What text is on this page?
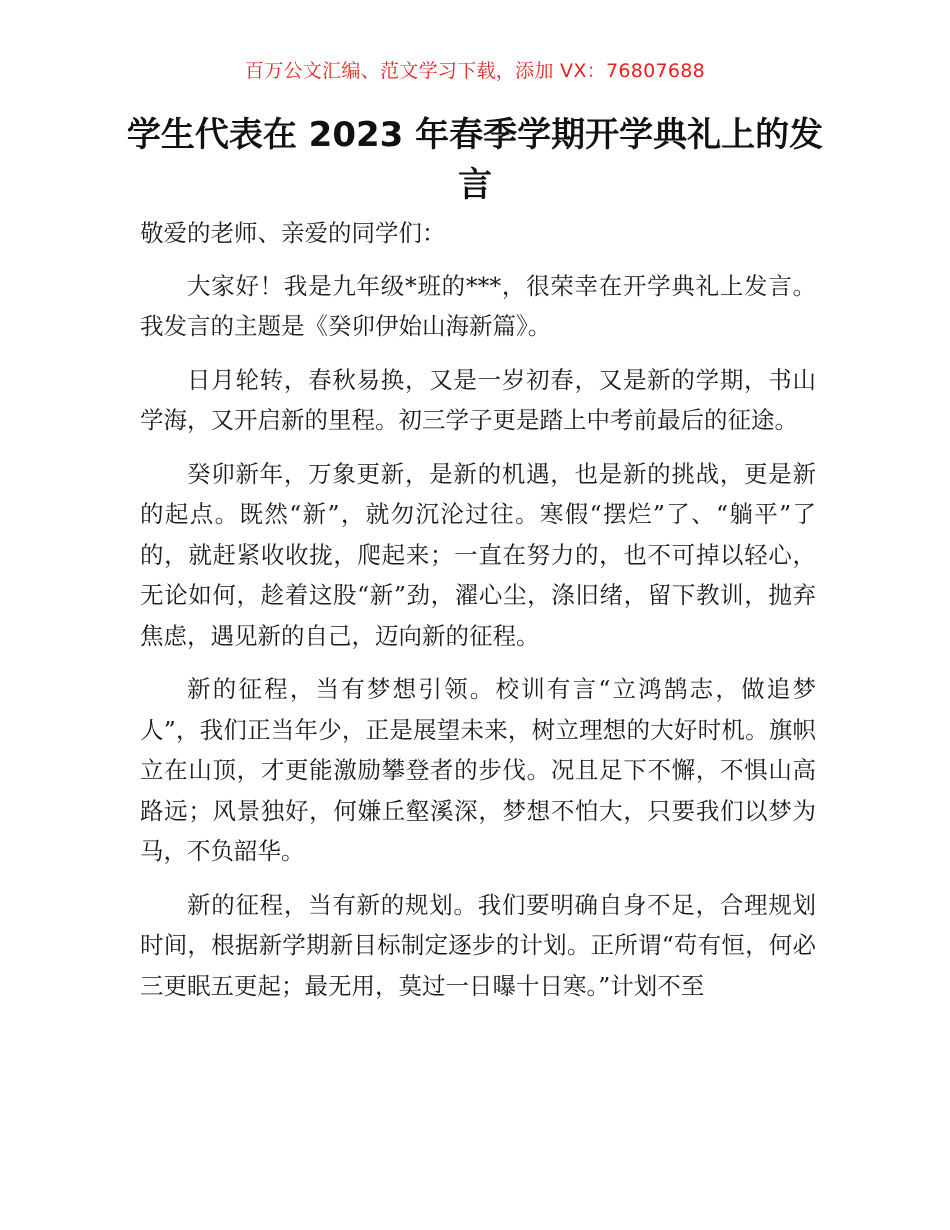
百万公文汇编、范文学习下载，添加 VX：76807688
学生代表在 2023 年春季学期开学典礼上的发言

敬爱的老师、亲爱的同学们：

大家好！我是九年级*班的***，很荣幸在开学典礼上发言。我发言的主题是《癸卯伊始山海新篇》。

日月轮转，春秋易换，又是一岁初春，又是新的学期，书山学海，又开启新的里程。初三学子更是踏上中考前最后的征途。

癸卯新年，万象更新，是新的机遇，也是新的挑战，更是新的起点。既然“新”，就勿沉沦过往。寒假“摆烂”了、“躺平”了的，就赶紧收收拢，爬起来；一直在努力的，也不可掉以轻心，无论如何，趁着这股“新”劲，濯心尘，涤旧绪，留下教训，抛弃焦虑，遇见新的自己，迈向新的征程。

新的征程，当有梦想引领。校训有言“立鸿鹄志，做追梦人”，我们正当年少，正是展望未来，树立理想的大好时机。旗帜立在山顶，才更能激励攀登者的步伐。况且足下不懈，不惧山高路远；风景独好，何嫌丘壑溪深，梦想不怕大，只要我们以梦为马，不负韶华。

新的征程，当有新的规划。我们要明确自身不足，合理规划时间，根据新学期新目标制定逐步的计划。正所谓“苟有恒，何必三更眠五更起；最无用，莫过一日曝十日寒。”计划不至
